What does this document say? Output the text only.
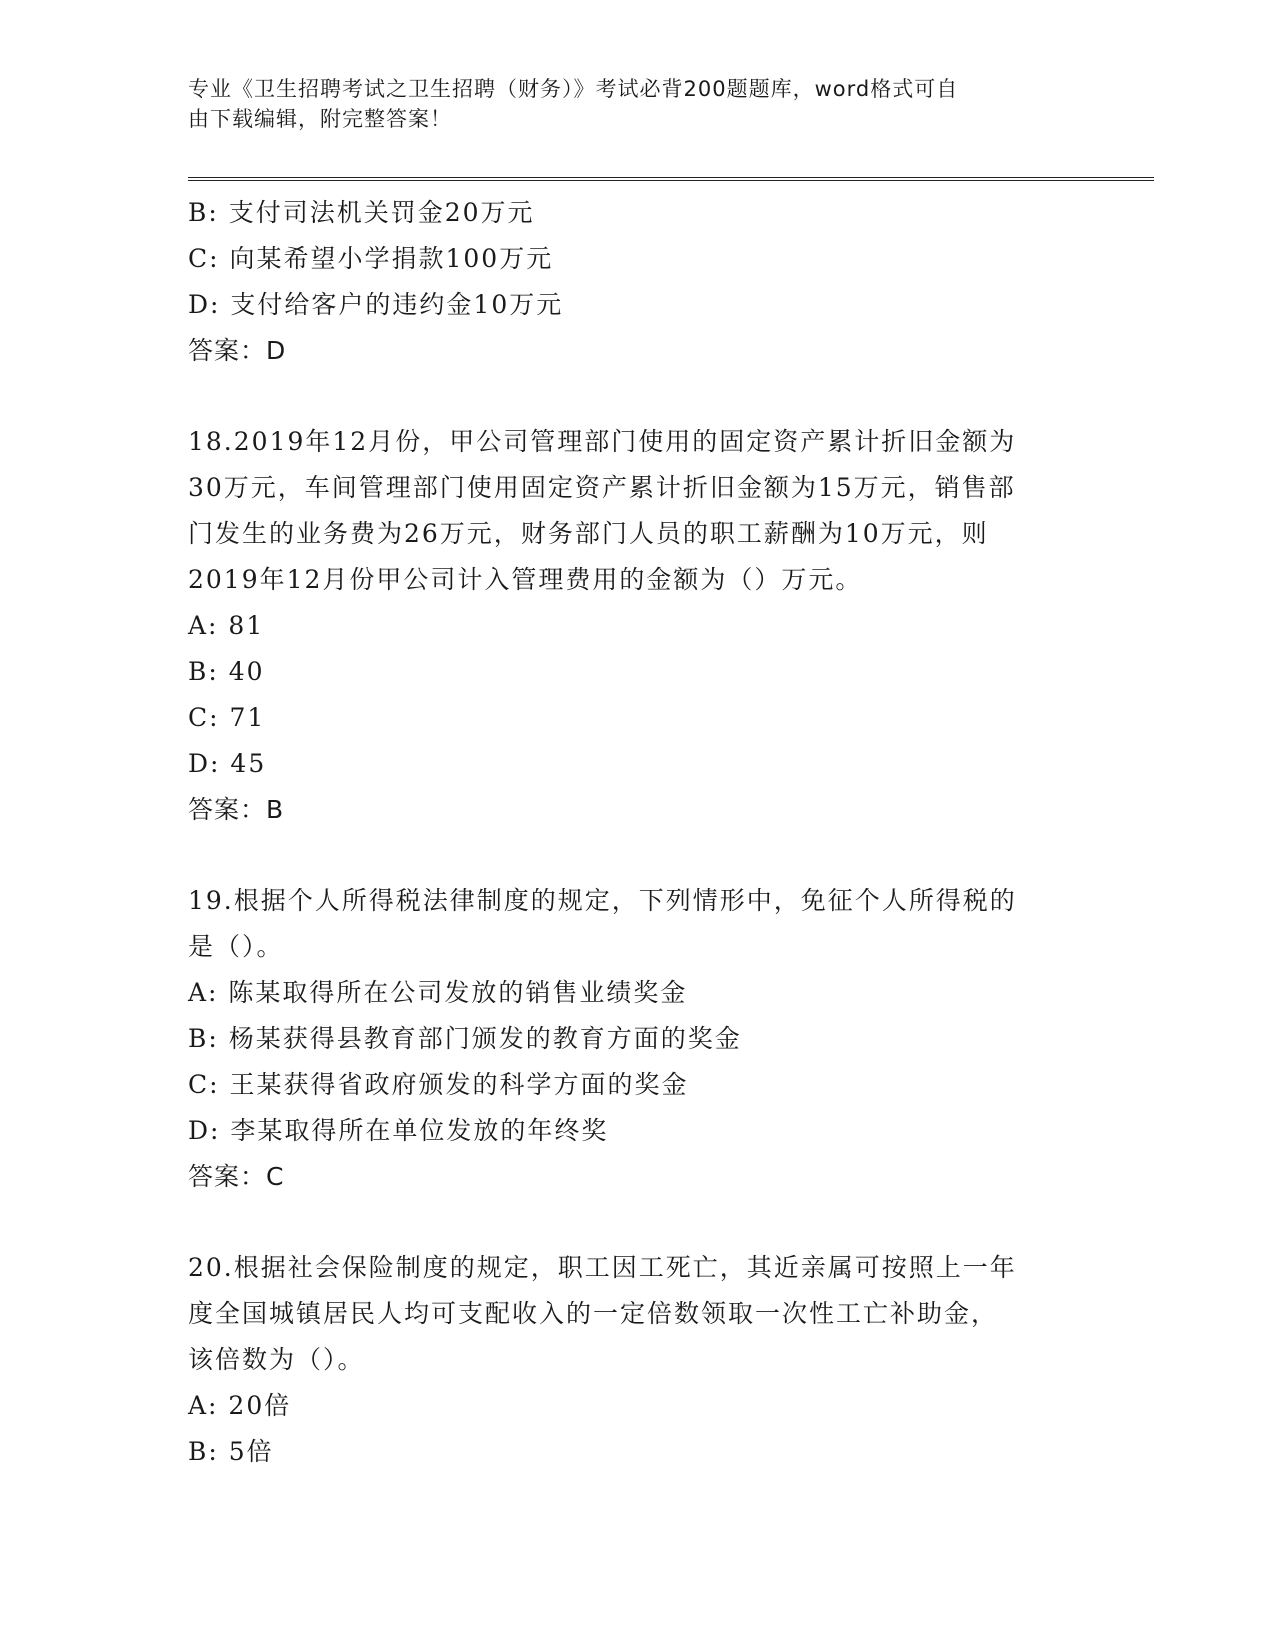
专业《卫生招聘考试之卫生招聘（财务）》考试必背200题题库，word格式可自
由下载编辑，附完整答案！
B: 支付司法机关罚金20万元
C: 向某希望小学捐款100万元
D: 支付给客户的违约金10万元
答案：D
18.2019年12月份，甲公司管理部门使用的固定资产累计折旧金额为
30万元，车间管理部门使用固定资产累计折旧金额为15万元，销售部
门发生的业务费为26万元，财务部门人员的职工薪酬为10万元，则
2019年12月份甲公司计入管理费用的金额为（）万元。
A: 81
B: 40
C: 71
D: 45
答案：B
19.根据个人所得税法律制度的规定，下列情形中，免征个人所得税的
是（）。
A: 陈某取得所在公司发放的销售业绩奖金
B: 杨某获得县教育部门颁发的教育方面的奖金
C: 王某获得省政府颁发的科学方面的奖金
D: 李某取得所在单位发放的年终奖
答案：C
20.根据社会保险制度的规定，职工因工死亡，其近亲属可按照上一年
度全国城镇居民人均可支配收入的一定倍数领取一次性工亡补助金，
该倍数为（）。
A: 20倍
B: 5倍
